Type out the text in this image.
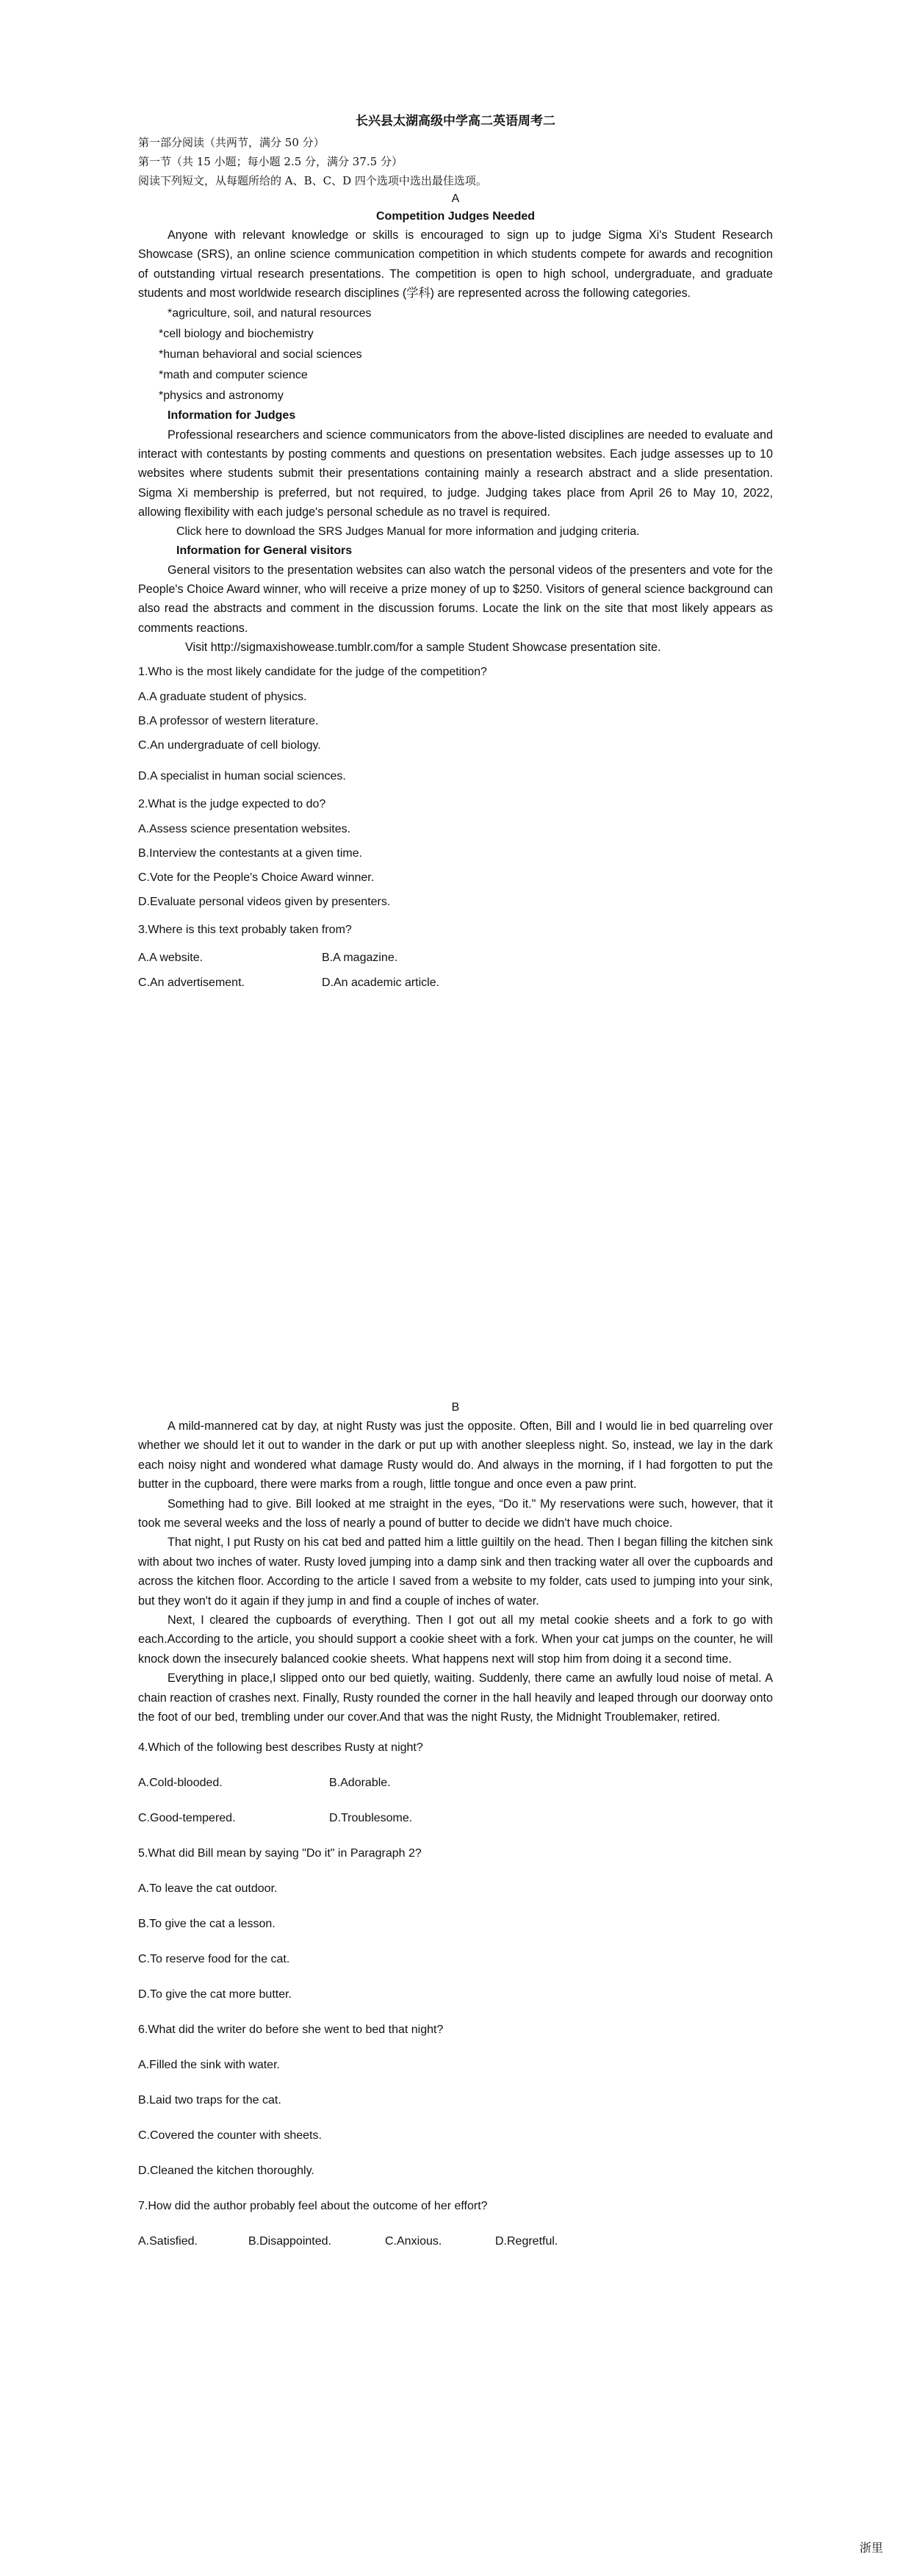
长兴县太湖高级中学高二英语周考二

第一部分阅读（共两节，满分 50 分）

第一节（共 15 小题；每小题 2.5 分，满分 37.5 分）

阅读下列短文，从每题所给的 A、B、C、D 四个选项中选出最佳选项。

A

Competition Judges Needed

Anyone with relevant knowledge or skills is encouraged to sign up to judge Sigma Xi's Student Research Showcase (SRS), an online science communication competition in which students compete for awards and recognition of outstanding virtual research presentations. The competition is open to high school, undergraduate, and graduate students and most worldwide research disciplines (学科) are represented across the following categories.

*agriculture, soil, and natural resources
*cell biology and biochemistry
*human behavioral and social sciences
*math and computer science
*physics and astronomy

Information for Judges

Professional researchers and science communicators from the above-listed disciplines are needed to evaluate and interact with contestants by posting comments and questions on presentation websites. Each judge assesses up to 10 websites where students submit their presentations containing mainly a research abstract and a slide presentation. Sigma Xi membership is preferred, but not required, to judge. Judging takes place from April 26 to May 10, 2022, allowing flexibility with each judge's personal schedule as no travel is required.

Click here to download the SRS Judges Manual for more information and judging criteria.

Information for General visitors

General visitors to the presentation websites can also watch the personal videos of the presenters and vote for the People's Choice Award winner, who will receive a prize money of up to $250. Visitors of general science background can also read the abstracts and comment in the discussion forums. Locate the link on the site that most likely appears as comments reactions.

Visit http://sigmaxishowease.tumblr.com/for a sample Student Showcase presentation site.

1.Who is the most likely candidate for the judge of the competition?

A.A graduate student of physics.

B.A professor of western literature.

C.An undergraduate of cell biology.

D.A specialist in human social sciences.

2.What is the judge expected to do?

A.Assess science presentation websites.

B.Interview the contestants at a given time.

C.Vote for the People's Choice Award winner.

D.Evaluate personal videos given by presenters.

3.Where is this text probably taken from?

A.A website.	B.A magazine.
C.An advertisement.	D.An academic article.

B

A mild-mannered cat by day, at night Rusty was just the opposite. Often, Bill and I would lie in bed quarreling over whether we should let it out to wander in the dark or put up with another sleepless night. So, instead, we lay in the dark each noisy night and wondered what damage Rusty would do. And always in the morning, if I had forgotten to put the butter in the cupboard, there were marks from a rough, little tongue and once even a paw print.

Something had to give. Bill looked at me straight in the eyes, “Do it." My reservations were such, however, that it took me several weeks and the loss of nearly a pound of butter to decide we didn't have much choice.

That night, I put Rusty on his cat bed and patted him a little guiltily on the head. Then I began filling the kitchen sink with about two inches of water. Rusty loved jumping into a damp sink and then tracking water all over the cupboards and across the kitchen floor. According to the article I saved from a website to my folder, cats used to jumping into your sink, but they won't do it again if they jump in and find a couple of inches of water.

Next, I cleared the cupboards of everything. Then I got out all my metal cookie sheets and a fork to go with each.According to the article, you should support a cookie sheet with a fork. When your cat jumps on the counter, he will knock down the insecurely balanced cookie sheets. What happens next will stop him from doing it a second time.

Everything in place,I slipped onto our bed quietly, waiting. Suddenly, there came an awfully loud noise of metal. A chain reaction of crashes next. Finally, Rusty rounded the corner in the hall heavily and leaped through our doorway onto the foot of our bed, trembling under our cover.And that was the night Rusty, the Midnight Troublemaker, retired.

4.Which of the following best describes Rusty at night?

A.Cold-blooded.	B.Adorable.
C.Good-tempered.	D.Troublesome.

5.What did Bill mean by saying "Do it" in Paragraph 2?

A.To leave the cat outdoor.

B.To give the cat a lesson.

C.To reserve food for the cat.

D.To give the cat more butter.

6.What did the writer do before she went to bed that night?

A.Filled the sink with water.

B.Laid two traps for the cat.

C.Covered the counter with sheets.

D.Cleaned the kitchen thoroughly.

7.How did the author probably feel about the outcome of her effort?

A.Satisfied.	B.Disappointed.	C.Anxious.	D.Regretful.
浙里
